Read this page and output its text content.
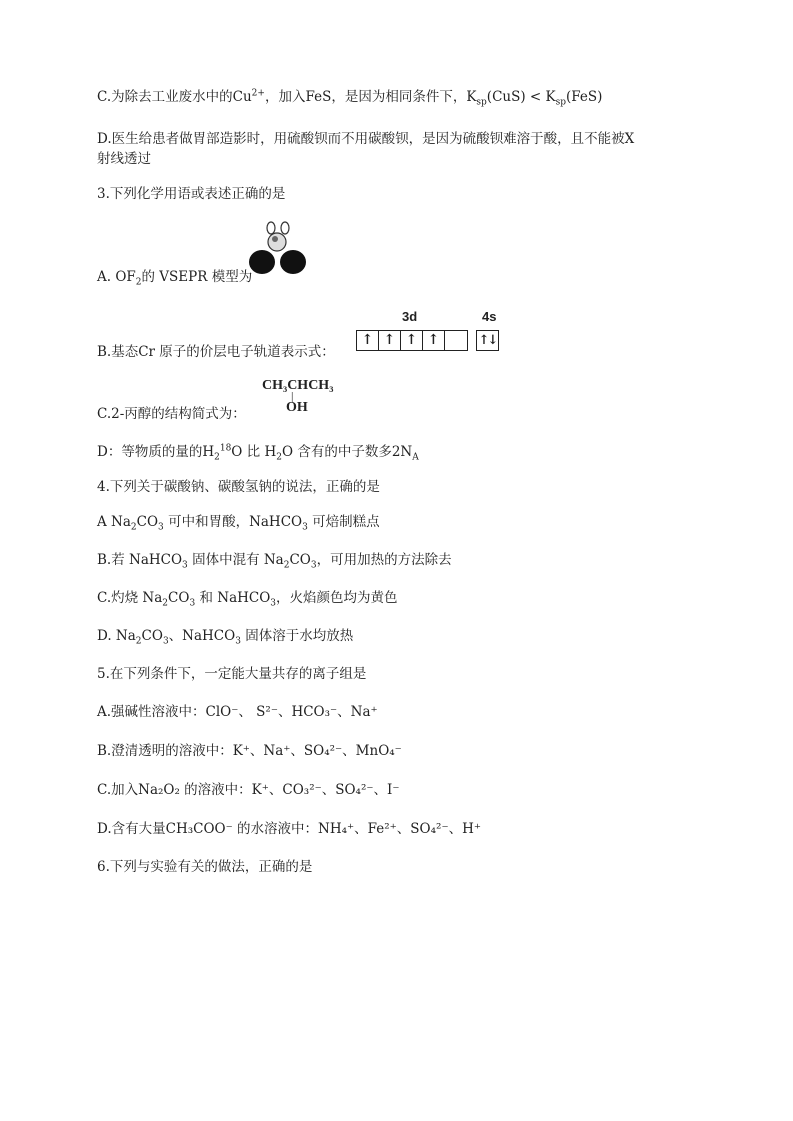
C.为除去工业废水中的$Cu^{2+}$，加入FeS，是因为相同条件下，$K_{sp}(CuS) < K_{sp}(FeS)$
D.医生给患者做胃部造影时，用硫酸钡而不用碳酸钡，是因为硫酸钡难溶于酸，且不能被X
射线透过
3.下列化学用语或表述正确的是
A. $OF_2$的 VSEPR 模型为
3d	4s
↑ ↑ ↑ ↑	↑↓
B.基态Cr 原子的价层电子轨道表示式：
CH₃CHCH₃
|
OH
C.2-丙醇的结构简式为：
D：等物质的量的$H_2^{18}O$ 比 $H_2O$ 含有的中子数多$2N_A$
4.下列关于碳酸钠、碳酸氢钠的说法，正确的是
A $Na_2CO_3$ 可中和胃酸，NaHCO$_3$ 可焙制糕点
B.若 NaHCO$_3$ 固体中混有 $Na_2CO_3$，可用加热的方法除去
C.灼烧 $Na_2CO_3$ 和 NaHCO$_3$，火焰颜色均为黄色
D. $Na_2CO_3$、NaHCO$_3$ 固体溶于水均放热
5.在下列条件下，一定能大量共存的离子组是
A.强碱性溶液中：ClO⁻、 S²⁻、HCO₃⁻、Na⁺
B.澄清透明的溶液中：K⁺、Na⁺、SO₄²⁻、MnO₄⁻
C.加入Na₂O₂ 的溶液中：K⁺、CO₃²⁻、SO₄²⁻、I⁻
D.含有大量CH₃COO⁻ 的水溶液中：NH₄⁺、Fe²⁺、SO₄²⁻、H⁺
6.下列与实验有关的做法，正确的是
